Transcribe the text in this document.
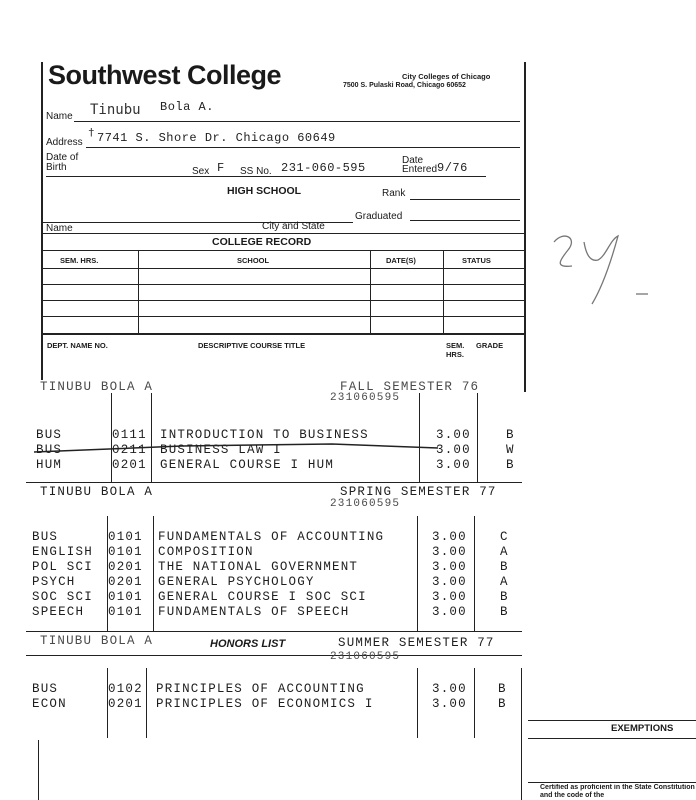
Southwest College	City Colleges of Chicago
7500 S. Pulaski Road, Chicago 60652
Name Tinubu Bola A.
Address
† 7741 S. Shore Dr. Chicago 60649
Date of Birth	Sex F SS No. 231-060-595
Date Entered 9/76
HIGH SCHOOL	Rank
Graduated
Name	City and State
COLLEGE RECORD
SEM. HRS.	SCHOOL	DATE(S)	STATUS
DEPT. NAME NO.	DESCRIPTIVE COURSE TITLE	SEM. HRS.
GRADE
TINUBU BOLA A	FALL SEMESTER 76
231060595
BUS	0111 INTRODUCTION TO BUSINESS	3.00	B
BUS	0211 BUSINESS LAW I	3.00	W
HUM	0201 GENERAL COURSE I HUM	3.00	B
TINUBU BOLA A	SPRING SEMESTER 77
231060595
BUS	0101 FUNDAMENTALS OF ACCOUNTING	3.00	C
ENGLISH 0101 COMPOSITION	3.00	A
POL SCI 0201 THE NATIONAL GOVERNMENT	3.00	B
PSYCH	0201 GENERAL PSYCHOLOGY	3.00	A
SOC SCI 0101 GENERAL COURSE I SOC SCI	3.00	B
SPEECH 0101 FUNDAMENTALS OF SPEECH	3.00	B
TINUBU BOLA A	HONORS LIST	SUMMER SEMESTER 77
231060595
BUS	0102 PRINCIPLES OF ACCOUNTING	3.00 B
ECON	0201 PRINCIPLES OF ECONOMICS I	3.00 B
EXEMPTIONS
Certified as proficient in the State Constitution and the code of the
